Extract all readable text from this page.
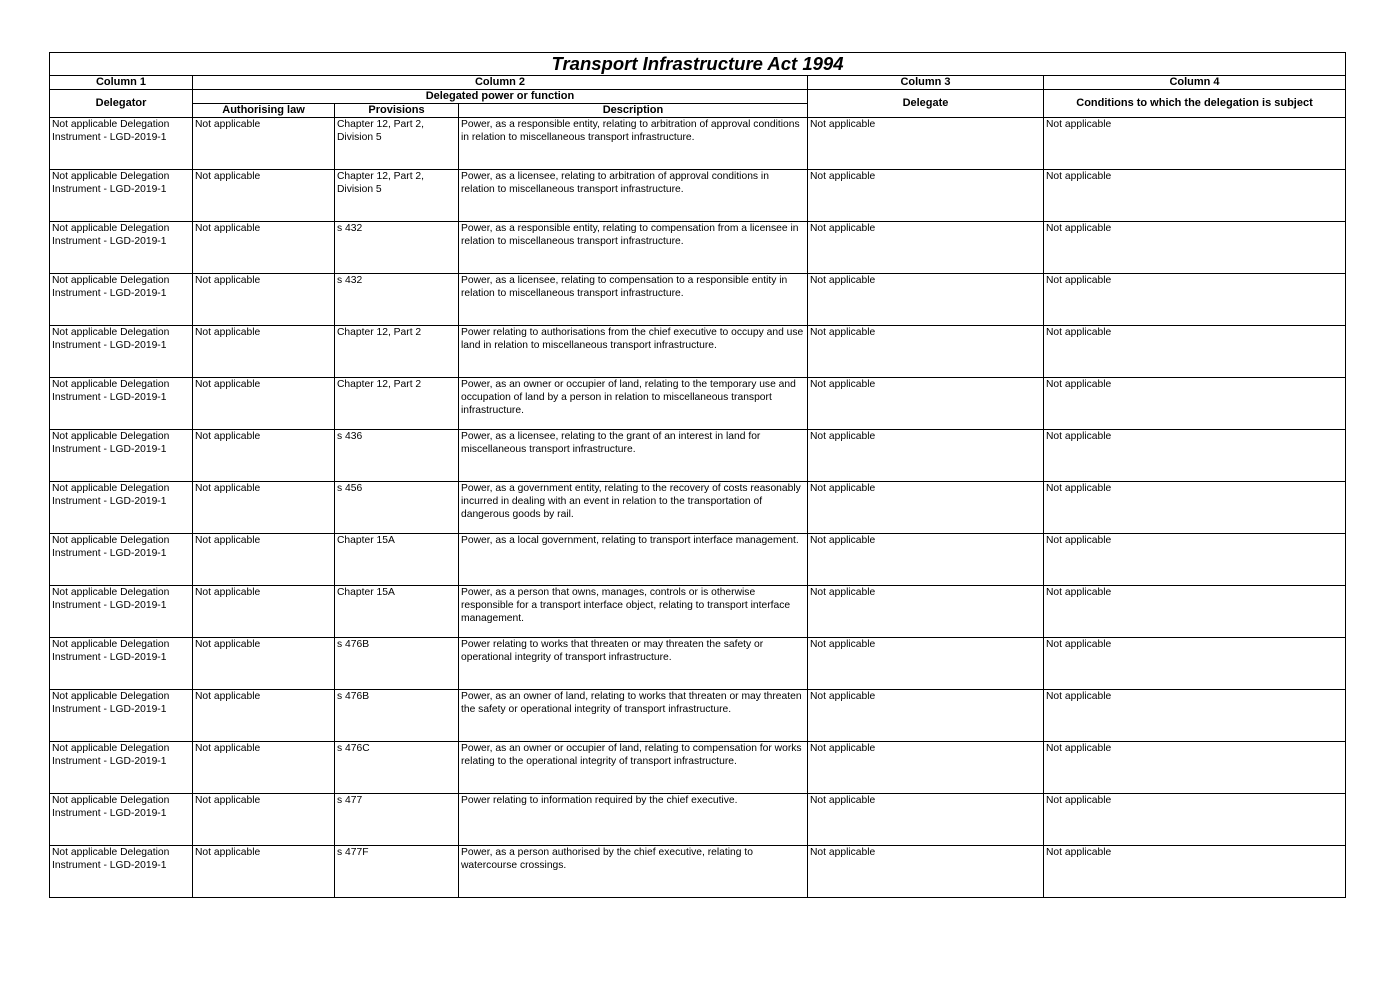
Transport Infrastructure Act 1994					
Column 1	Column 2			Column 3	Column 4
Delegator	Delegated power or function			Delegate	Conditions to which the delegation is subject
	Authorising law	Provisions	Description		
Not applicable Delegation Instrument - LGD-2019-1	Not applicable	Chapter 12, Part 2, Division 5	Power, as a responsible entity, relating to arbitration of approval conditions in relation to miscellaneous transport infrastructure.	Not applicable	Not applicable
Not applicable Delegation Instrument - LGD-2019-1	Not applicable	Chapter 12, Part 2, Division 5	Power, as a licensee, relating to arbitration of approval conditions in relation to miscellaneous transport infrastructure.	Not applicable	Not applicable
Not applicable Delegation Instrument - LGD-2019-1	Not applicable	s 432	Power, as a responsible entity, relating to compensation from a licensee in relation to miscellaneous transport infrastructure.	Not applicable	Not applicable
Not applicable Delegation Instrument - LGD-2019-1	Not applicable	s 432	Power, as a licensee, relating to compensation to a responsible entity in relation to miscellaneous transport infrastructure.	Not applicable	Not applicable
Not applicable Delegation Instrument - LGD-2019-1	Not applicable	Chapter 12, Part 2	Power relating to authorisations from the chief executive to occupy and use land in relation to miscellaneous transport infrastructure.	Not applicable	Not applicable
Not applicable Delegation Instrument - LGD-2019-1	Not applicable	Chapter 12, Part 2	Power, as an owner or occupier of land, relating to the temporary use and occupation of land by a person in relation to miscellaneous transport infrastructure.	Not applicable	Not applicable
Not applicable Delegation Instrument - LGD-2019-1	Not applicable	s 436	Power, as a licensee, relating to the grant of an interest in land for miscellaneous transport infrastructure.	Not applicable	Not applicable
Not applicable Delegation Instrument - LGD-2019-1	Not applicable	s 456	Power, as a government entity, relating to the recovery of costs reasonably incurred in dealing with an event in relation to the transportation of dangerous goods by rail.	Not applicable	Not applicable
Not applicable Delegation Instrument - LGD-2019-1	Not applicable	Chapter 15A	Power, as a local government, relating to transport interface management.	Not applicable	Not applicable
Not applicable Delegation Instrument - LGD-2019-1	Not applicable	Chapter 15A	Power, as a person that owns, manages, controls or is otherwise responsible for a transport interface object, relating to transport interface management.	Not applicable	Not applicable
Not applicable Delegation Instrument - LGD-2019-1	Not applicable	s 476B	Power relating to works that threaten or may threaten the safety or operational integrity of transport infrastructure.	Not applicable	Not applicable
Not applicable Delegation Instrument - LGD-2019-1	Not applicable	s 476B	Power, as an owner of land, relating to works that threaten or may threaten the safety or operational integrity of transport infrastructure.	Not applicable	Not applicable
Not applicable Delegation Instrument - LGD-2019-1	Not applicable	s 476C	Power, as an owner or occupier of land, relating to compensation for works relating to the operational integrity of transport infrastructure.	Not applicable	Not applicable
Not applicable Delegation Instrument - LGD-2019-1	Not applicable	s 477	Power relating to information required by the chief executive.	Not applicable	Not applicable
Not applicable Delegation Instrument - LGD-2019-1	Not applicable	s 477F	Power, as a person authorised by the chief executive, relating to watercourse crossings.	Not applicable	Not applicable
